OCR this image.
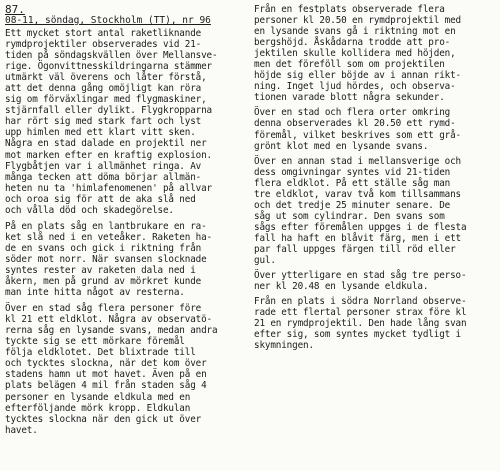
87.
08-11, söndag, Stockholm (TT), nr 96
Ett mycket stort antal raketliknande
rymdprojektiler observerades vid 21-
tiden på söndagskvällen över Mellansve-
rige. Ögonvittnesskildringarna stämmer
utmärkt väl överens och låter förstå,
att det denna gång omöjligt kan röra
sig om förväxlingar med flygmaskiner,
stjärnfall eller dylikt. Flygkropparna
har rört sig med stark fart och lyst
upp himlen med ett klart vitt sken.
Några en stad dalade en projektil ner
mot marken efter en kraftig explosion.
Flygbåtjen var i allmänhet ringa. Av
många tecken att döma börjar allmän-
heten nu ta 'himlafenomenen' på allvar
och oroa sig för att de aka slå ned
och vålla död och skadegörelse.
På en plats såg en lantbrukare en ra-
ket slå ned i en veteåker. Raketen ha-
de en svans och gick i riktning från
söder mot norr. När svansen slocknade
syntes rester av raketen dala ned i
åkern, men på grund av mörkret kunde
man inte hitta något av resterna.
Över en stad såg flera personer före
kl 21 ett eldklot. Några av observatö-
rerna såg en lysande svans, medan andra
tyckte sig se ett mörkare föremål
följa eldklotet. Det blixtrade till
och tycktes slockna, när det kom över
stadens hamn ut mot havet. Även på en
plats belägen 4 mil från staden såg 4
personer en lysande eldkula med en
efterföljande mörk kropp. Eldkulan
tycktes slockna när den gick ut över
havet.
Från en festplats observerade flera
personer kl 20.50 en rymdprojektil med
en lysande svans gå i riktning mot en
bergshöjd. Åskådarna trodde att pro-
jektilen skulle kollidera med höjden,
men det föreföll som om projektilen
höjde sig eller böjde av i annan rikt-
ning. Inget ljud hördes, och observa-
tionen varade blott några sekunder.
Över en stad och flera orter omkring
denna observerades kl 20.50 ett rymd-
föremål, vilket beskrives som ett grå-
grönt klot med en lysande svans.
Över en annan stad i mellansverige och
dess omgivningar syntes vid 21-tiden
flera eldklot. På ett ställe såg man
tre eldklot, varav två kom tillsammans
och det tredje 25 minuter senare. De
såg ut som cylindrar. Den svans som
sågs efter föremålen uppges i de flesta
fall ha haft en blåvit färg, men i ett
par fall uppges färgen till röd eller
gul.
Över ytterligare en stad såg tre perso-
ner kl 20.48 en lysande eldkula.
Från en plats i södra Norrland observe-
rade ett flertal personer strax före kl
21 en rymdprojektil. Den hade lång svan
efter sig, som syntes mycket tydligt i
skymningen.
